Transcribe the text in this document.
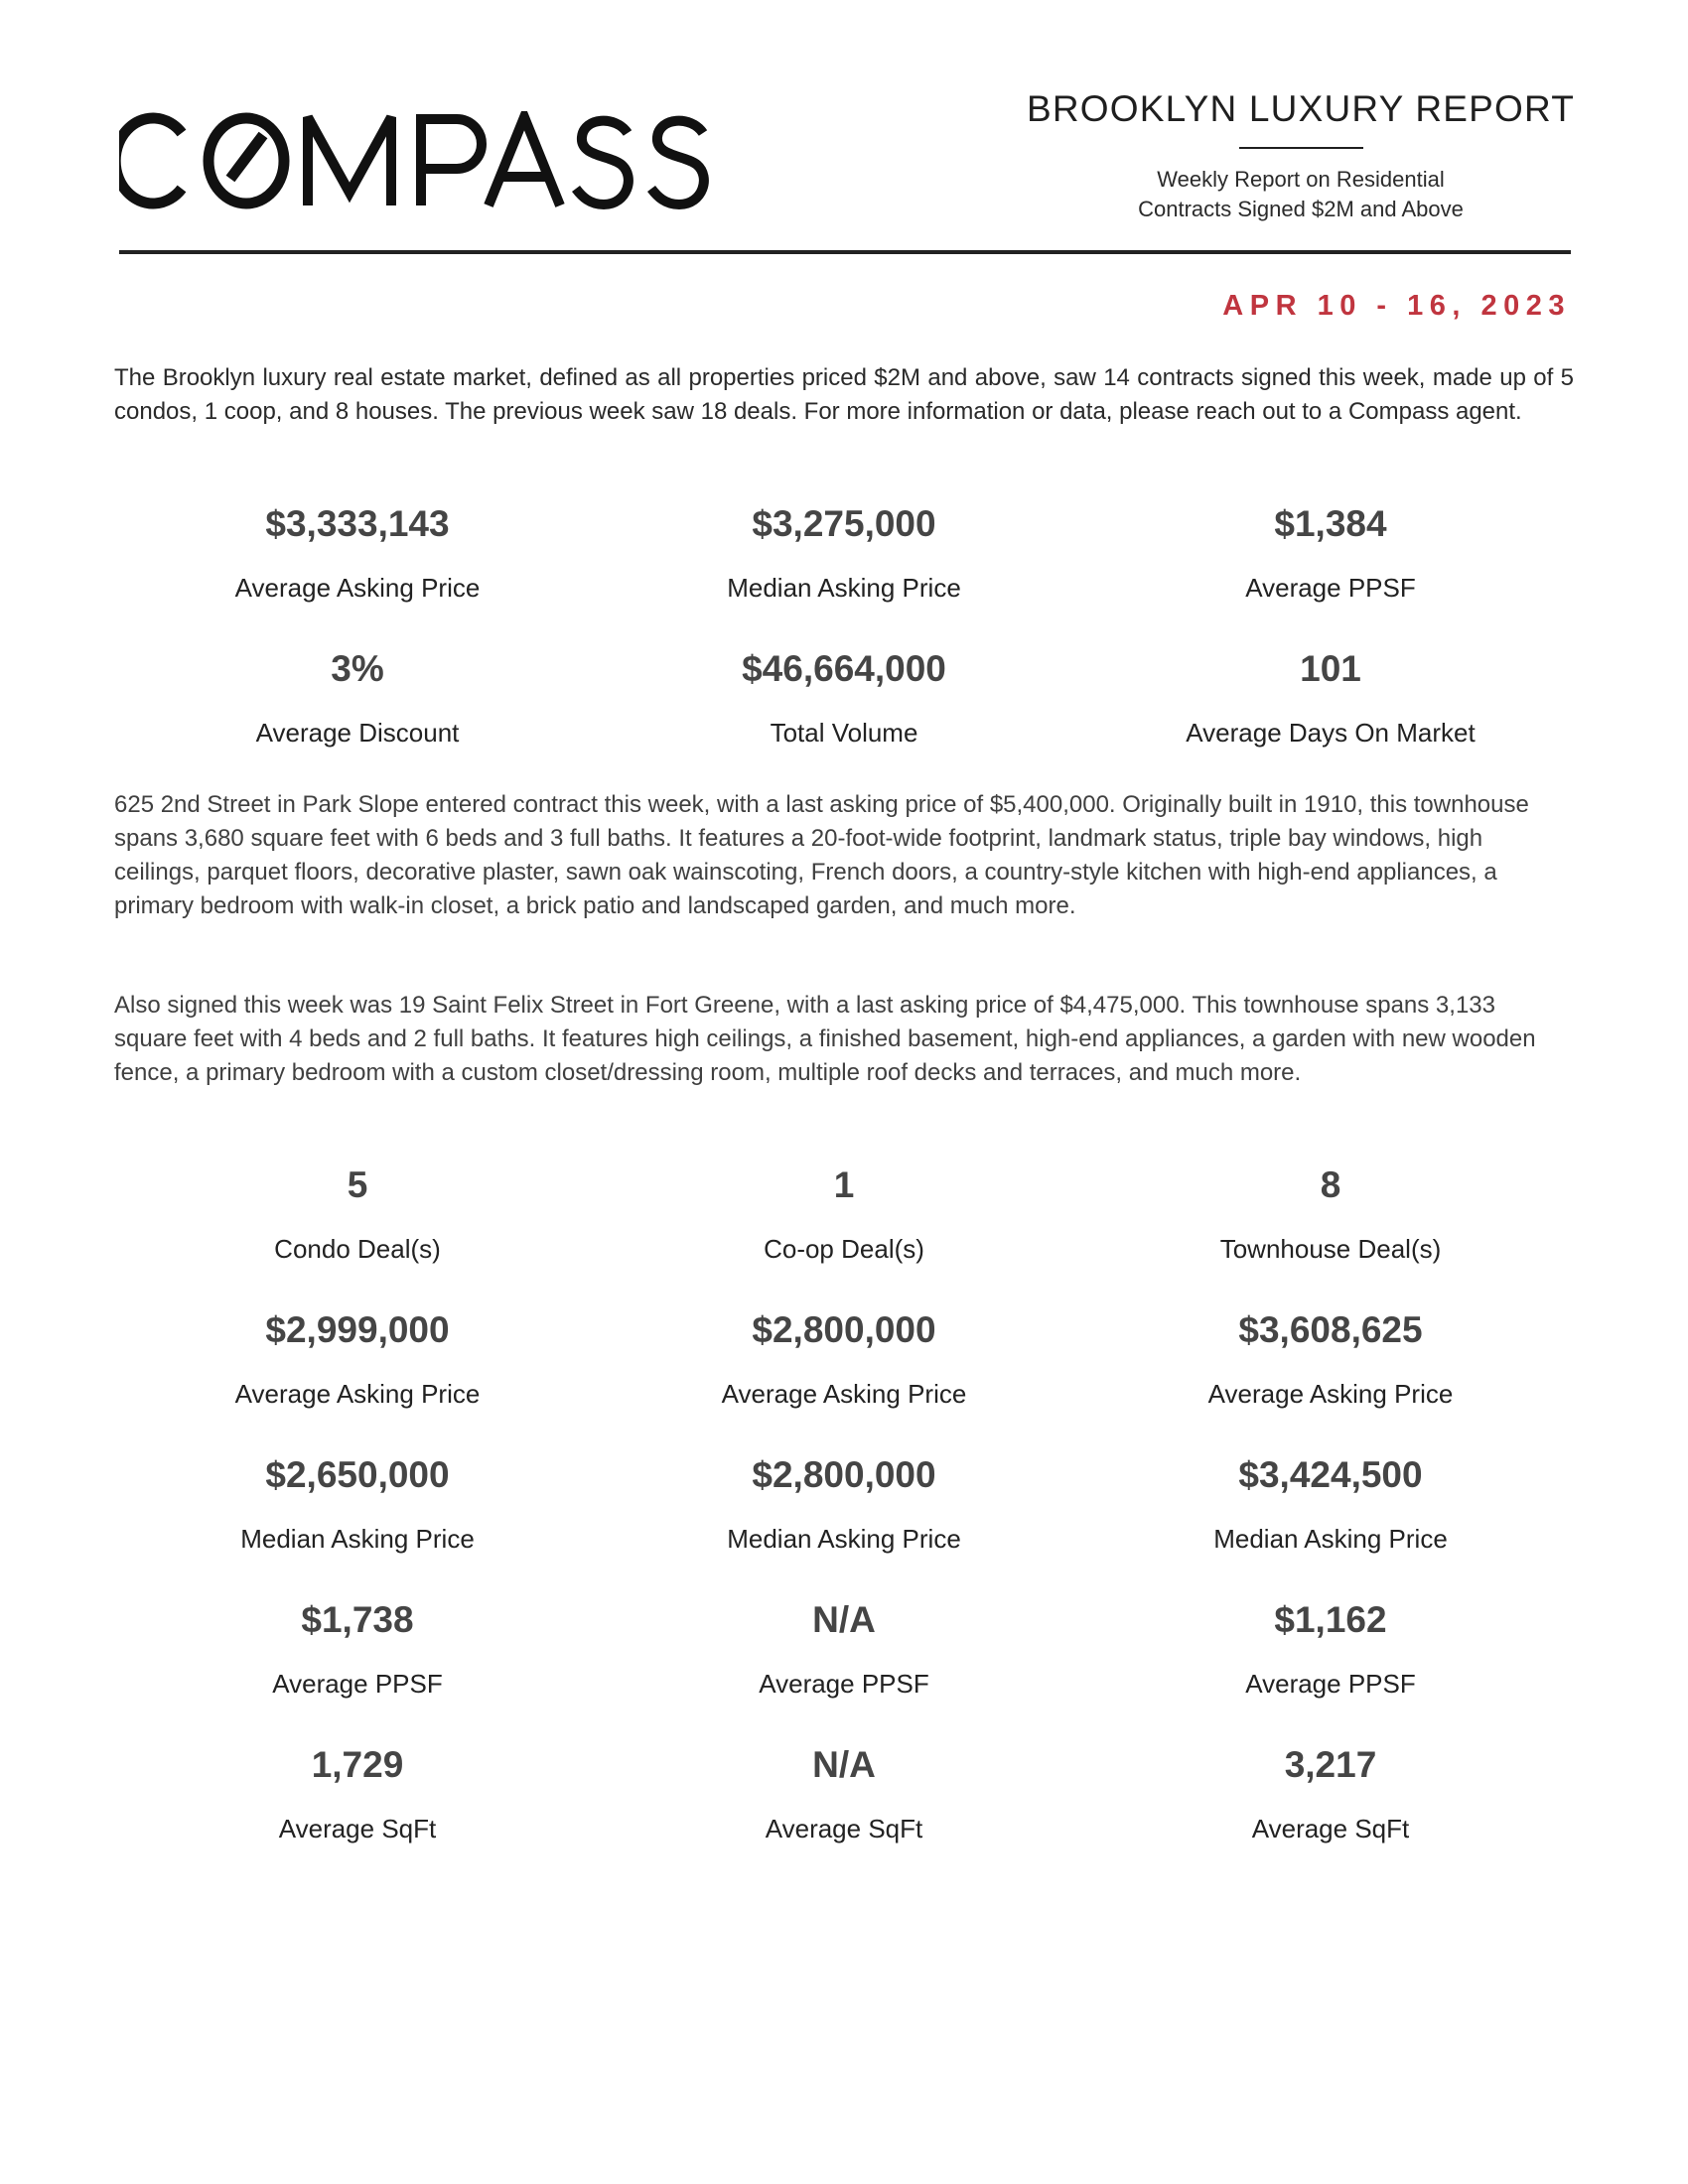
BROOKLYN LUXURY REPORT
Weekly Report on Residential
Contracts Signed $2M and Above
APR 10 - 16, 2023

The Brooklyn luxury real estate market, defined as all properties priced $2M and above, saw 14 contracts signed this week, made up of 5 condos, 1 coop, and 8 houses. The previous week saw 18 deals. For more information or data, please reach out to a Compass agent.

$3,333,143
Average Asking Price
$3,275,000
Median Asking Price
$1,384
Average PPSF
3%
Average Discount
$46,664,000
Total Volume
101
Average Days On Market

625 2nd Street in Park Slope entered contract this week, with a last asking price of $5,400,000. Originally built in 1910, this townhouse spans 3,680 square feet with 6 beds and 3 full baths. It features a 20-foot-wide footprint, landmark status, triple bay windows, high ceilings, parquet floors, decorative plaster, sawn oak wainscoting, French doors, a country-style kitchen with high-end appliances, a primary bedroom with walk-in closet, a brick patio and landscaped garden, and much more.

Also signed this week was 19 Saint Felix Street in Fort Greene, with a last asking price of $4,475,000. This townhouse spans 3,133 square feet with 4 beds and 2 full baths. It features high ceilings, a finished basement, high-end appliances, a garden with new wooden fence, a primary bedroom with a custom closet/dressing room, multiple roof decks and terraces, and much more.

5
Condo Deal(s)
1
Co-op Deal(s)
8
Townhouse Deal(s)
$2,999,000
Average Asking Price
$2,800,000
Average Asking Price
$3,608,625
Average Asking Price
$2,650,000
Median Asking Price
$2,800,000
Median Asking Price
$3,424,500
Median Asking Price
$1,738
Average PPSF
N/A
Average PPSF
$1,162
Average PPSF
1,729
Average SqFt
N/A
Average SqFt
3,217
Average SqFt
